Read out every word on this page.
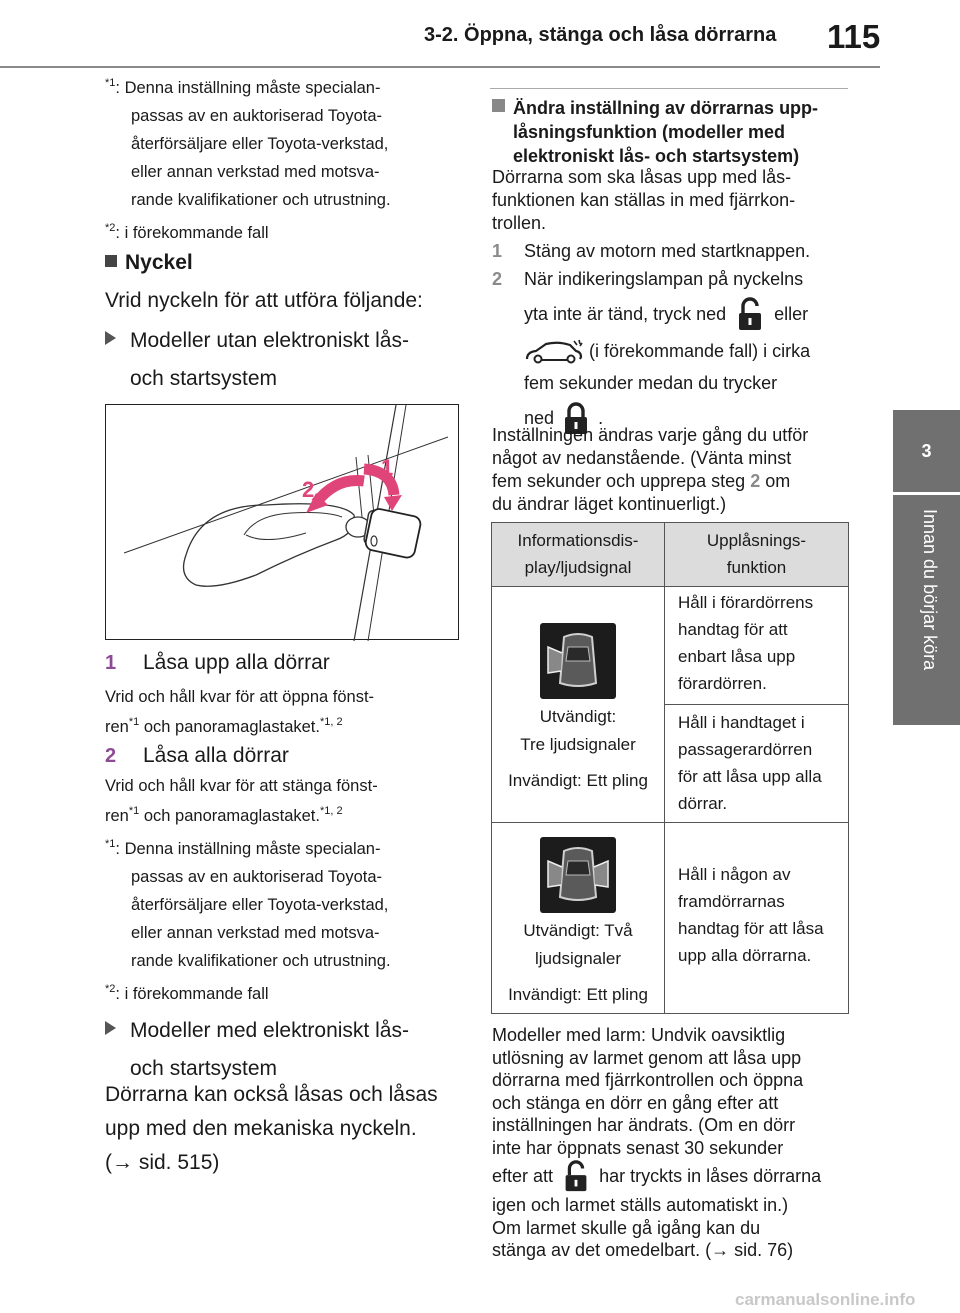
3-2. Öppna, stänga och låsa dörrarna 115
3
Innan du börjar köra
$^{*1}$: Denna inställning måste specialan-
passas av en auktoriserad Toyota-
återförsäljare eller Toyota-verkstad,
eller annan verkstad med motsva-
rande kvalifikationer och utrustning.
$^{*2}$: i förekommande fall
Nyckel
Vrid nyckeln för att utföra följande:
Modeller utan elektroniskt lås-
och startsystem
1
2
1 Låsa upp alla dörrar
Vrid och håll kvar för att öppna fönst-
ren$^{*1}$ och panoramaglastaket.$^{*1, 2}$
2 Låsa alla dörrar
Vrid och håll kvar för att stänga fönst-
ren$^{*1}$ och panoramaglastaket.$^{*1, 2}$
$^{*1}$: Denna inställning måste specialan-
passas av en auktoriserad Toyota-
återförsäljare eller Toyota-verkstad,
eller annan verkstad med motsva-
rande kvalifikationer och utrustning.
$^{*2}$: i förekommande fall
Modeller med elektroniskt lås-
och startsystem
Dörrarna kan också låsas och låsas
upp med den mekaniska nyckeln.
(→ sid. 515)
Ändra inställning av dörrarnas upp-
låsningsfunktion (modeller med
elektroniskt lås- och startsystem)
Dörrarna som ska låsas upp med lås-
funktionen kan ställas in med fjärrkon-
trollen.
1 Stäng av motorn med startknappen.
2 När indikeringslampan på nyckelns
yta inte är tänd, tryck ned	eller
(i förekommande fall) i cirka
fem sekunder medan du trycker
ned .
Inställningen ändras varje gång du utför
något av nedanstående. (Vänta minst
fem sekunder och upprepa steg 2 om
du ändrar läget kontinuerligt.)
Informationsdis-
play/ljudsignal
Upplåsnings-
funktion
Utvändigt:
Tre ljudsignaler
Invändigt: Ett pling
Håll i förardörrens
handtag för att
enbart låsa upp
förardörren.
Håll i handtaget i
passagerardörren
för att låsa upp alla
dörrar.
Utvändigt: Två
ljudsignaler
Invändigt: Ett pling
Håll i någon av
framdörrarnas
handtag för att låsa
upp alla dörrarna.
Modeller med larm: Undvik oavsiktlig
utlösning av larmet genom att låsa upp
dörrarna med fjärrkontrollen och öppna
och stänga en dörr en gång efter att
inställningen har ändrats. (Om en dörr
inte har öppnats senast 30 sekunder
efter att	har tryckts in låses dörrarna
igen och larmet ställs automatiskt in.)
Om larmet skulle gå igång kan du
stänga av det omedelbart. (→ sid. 76)
carmanualsonline.info
